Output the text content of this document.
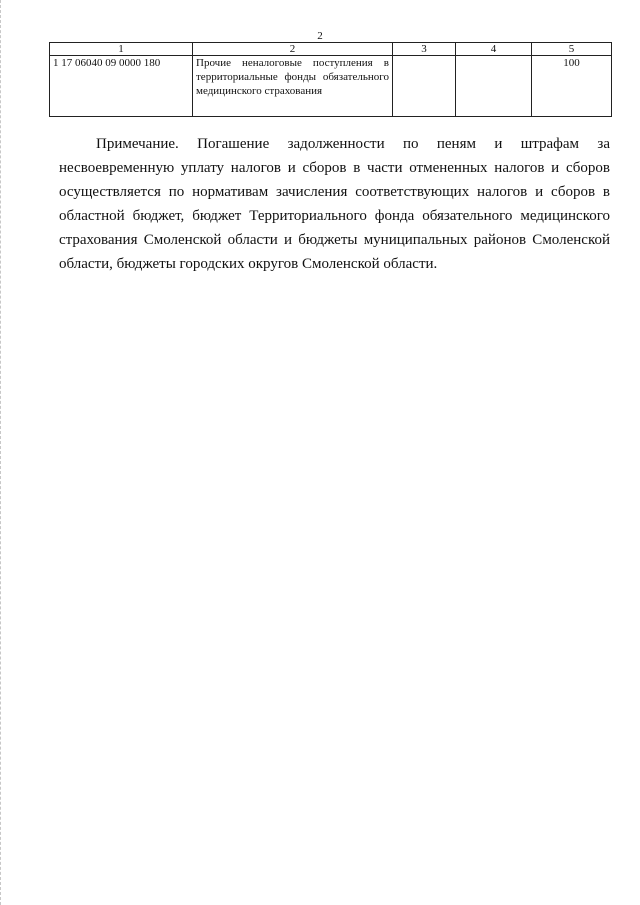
2
1	2	3	4	5
1 17 06040 09 0000 180	Прочие неналоговые поступления в территориальные фонды обязательного медицинского страхования			100

Примечание. Погашение задолженности по пеням и штрафам за несвоевременную уплату налогов и сборов в части отмененных налогов и сборов осуществляется по нормативам зачисления соответствующих налогов и сборов в областной бюджет, бюджет Территориального фонда обязательного медицинского страхования Смоленской области и бюджеты муниципальных районов Смоленской области, бюджеты городских округов Смоленской области.
